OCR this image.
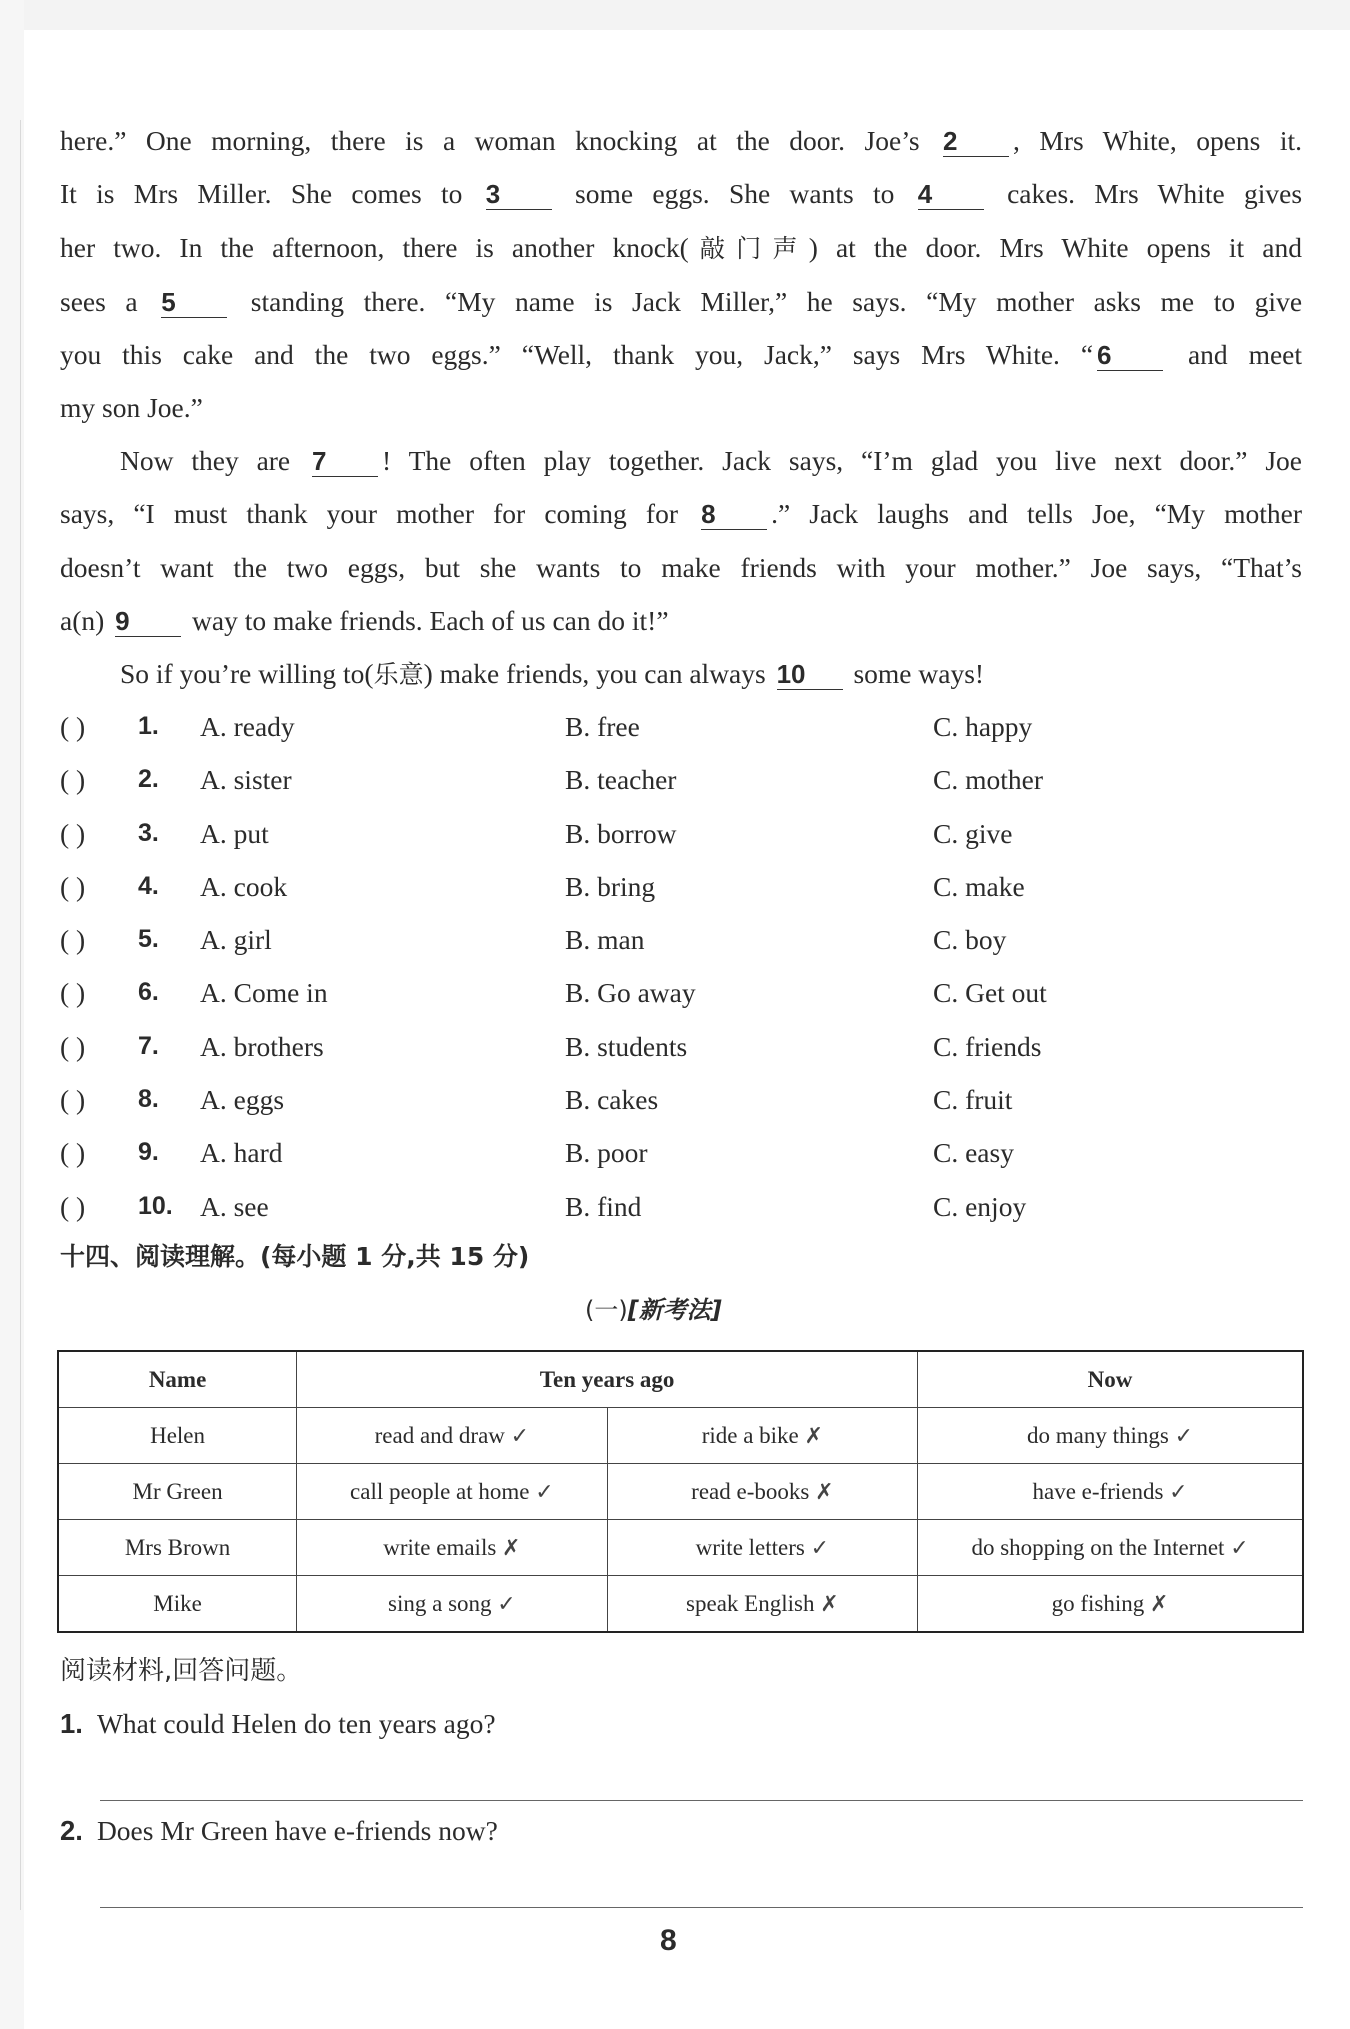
here.” One morning, there is a woman knocking at the door. Joe’s 2 , Mrs White, opens it.
It is Mrs Miller. She comes to 3	some eggs. She wants to 4	cakes. Mrs White gives
her two. In the afternoon, there is another knock(敲门声) at the door. Mrs White opens it and
sees a 5	standing there. “My name is Jack Miller,” he says. “My mother asks me to give
you this cake and the two eggs.” “Well, thank you, Jack,” says Mrs White. “ 6	and meet
my son Joe.”
Now they are 7 ! The often play together. Jack says, “I’m glad you live next door.” Joe
says, “I must thank your mother for coming for 8 .” Jack laughs and tells Joe, “My mother
doesn’t want the two eggs, but she wants to make friends with your mother.” Joe says, “That’s
a(n) 9 way to make friends. Each of us can do it!”
So if you’re willing to(乐意) make friends, you can always 10 some ways!
( ) 1. A. ready	B. free	C. happy
( ) 2. A. sister	B. teacher	C. mother
( ) 3. A. put	B. borrow	C. give
( ) 4. A. cook	B. bring	C. make
( ) 5. A. girl	B. man	C. boy
( ) 6. A. Come in	B. Go away	C. Get out
( ) 7. A. brothers	B. students	C. friends
( ) 8. A. eggs	B. cakes	C. fruit
( ) 9. A. hard	B. poor	C. easy
( ) 10. A. see	B. find	C. enjoy
十四、阅读理解。(每小题 1 分,共 15 分)
(一)[新考法]
Name	Ten years ago		Now
Helen	read and draw ✓	ride a bike ✗	do many things ✓
Mr Green	call people at home ✓	read e-books ✗	have e-friends ✓
Mrs Brown	write emails ✗	write letters ✓	do shopping on the Internet ✓
Mike	sing a song ✓	speak English ✗	go fishing ✗
阅读材料,回答问题。
1. What could Helen do ten years ago?
2. Does Mr Green have e-friends now?
8
